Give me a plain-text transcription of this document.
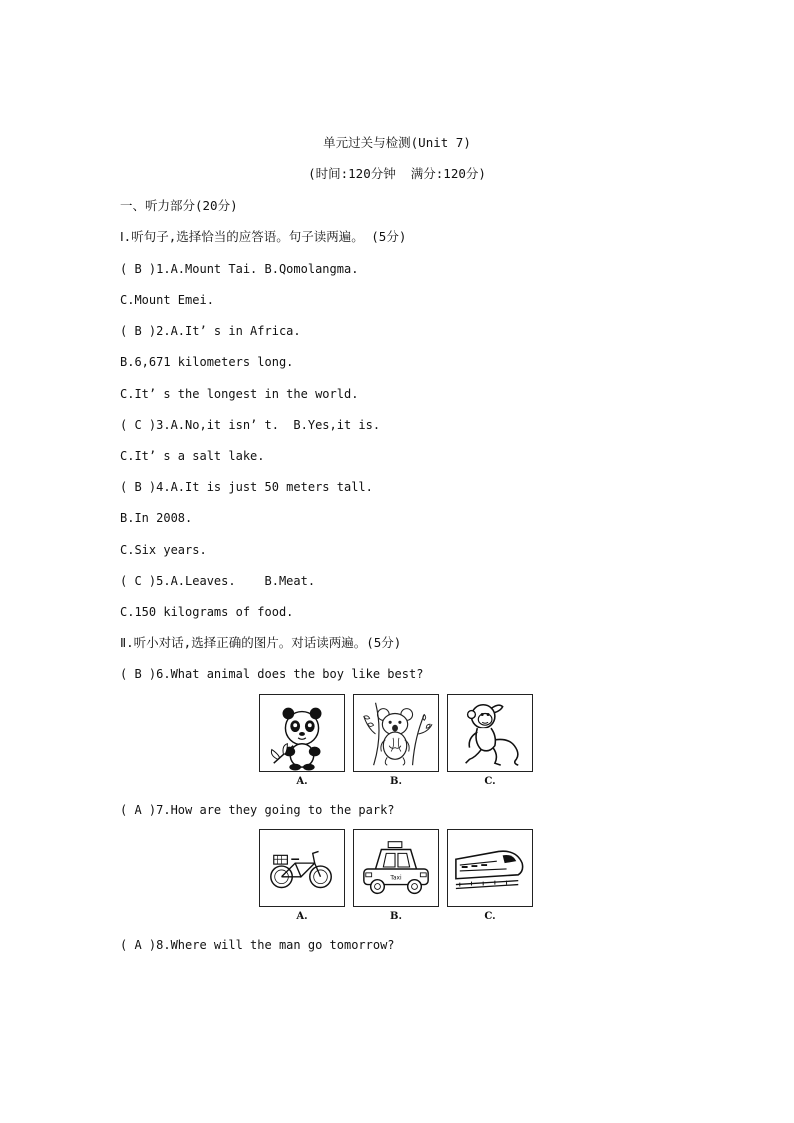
单元过关与检测(Unit 7)
(时间:120分钟  满分:120分)
一、听力部分(20分)
Ⅰ.听句子,选择恰当的应答语。句子读两遍。 (5分)
( B )1.A.Mount Tai. B.Qomolangma.
C.Mount Emei.
( B )2.A.It’ s in Africa.
B.6,671 kilometers long.
C.It’ s the longest in the world.
( C )3.A.No,it isn’ t.  B.Yes,it is.
C.It’ s a salt lake.
( B )4.A.It is just 50 meters tall.
B.In 2008.
C.Six years.
( C )5.A.Leaves.    B.Meat.
C.150 kilograms of food.
Ⅱ.听小对话,选择正确的图片。对话读两遍。(5分)
( B )6.What animal does the boy like best?
A.	B.	C.
( A )7.How are they going to the park?
Taxi
A.	B.	C.
( A )8.Where will the man go tomorrow?
